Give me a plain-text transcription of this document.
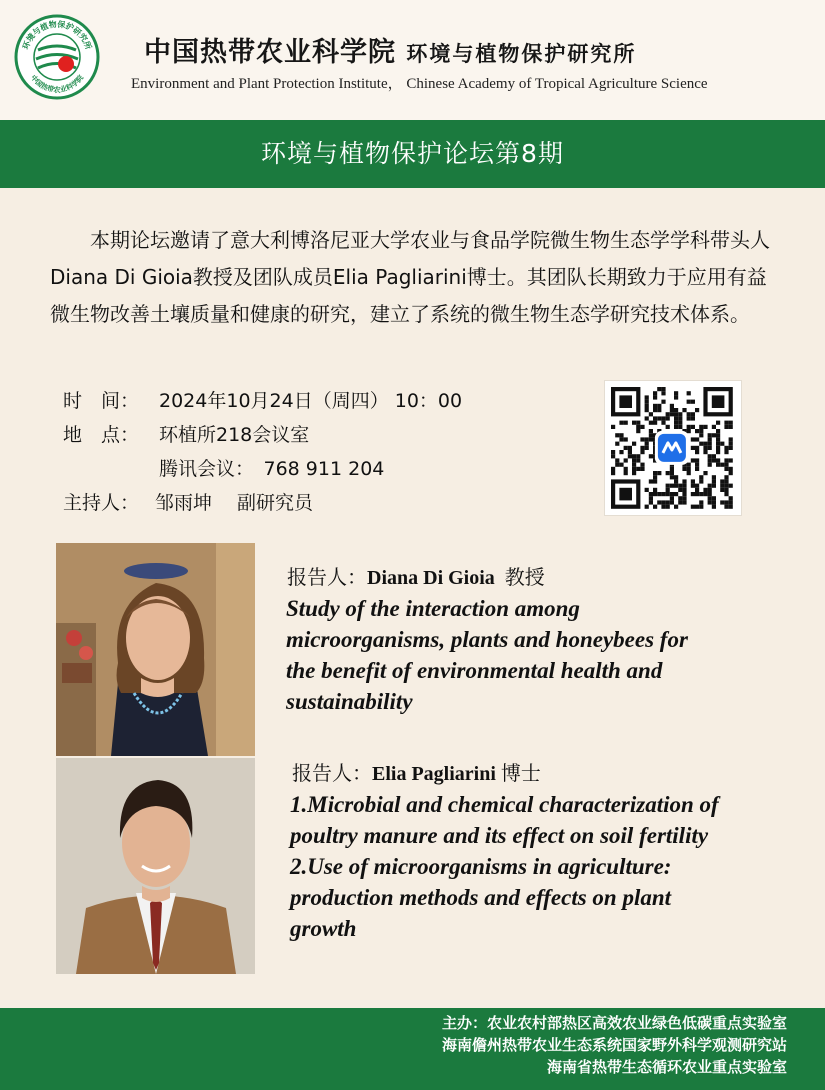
环境与植物保护研究所
中国热带农业科学院
中国热带农业科学院 环境与植物保护研究所
Environment and Plant Protection Institute， Chinese Academy of Tropical Agriculture Science
环境与植物保护论坛第8期

本期论坛邀请了意大利博洛尼亚大学农业与食品学院微生物生态学学科带头人Diana Di Gioia教授及团队成员Elia Pagliarini博士。其团队长期致力于应用有益微生物改善土壤质量和健康的研究，建立了系统的微生物生态学研究技术体系。

时　间： 2024年10月24日（周四） 10：00
地　点： 环植所218会议室
腾讯会议：　768 911 204
主持人： 邹雨坤　 副研究员
报告人：Diana Di Gioia 教授
Study of the interaction among
microorganisms, plants and honeybees for
the benefit of environmental health and
sustainability
报告人：Elia Pagliarini 博士
1.Microbial and chemical characterization of
poultry manure and its effect on soil fertility
2.Use of microorganisms in agriculture:
production methods and effects on plant
growth
主办：农业农村部热区高效农业绿色低碳重点实验室
海南儋州热带农业生态系统国家野外科学观测研究站
海南省热带生态循环农业重点实验室
